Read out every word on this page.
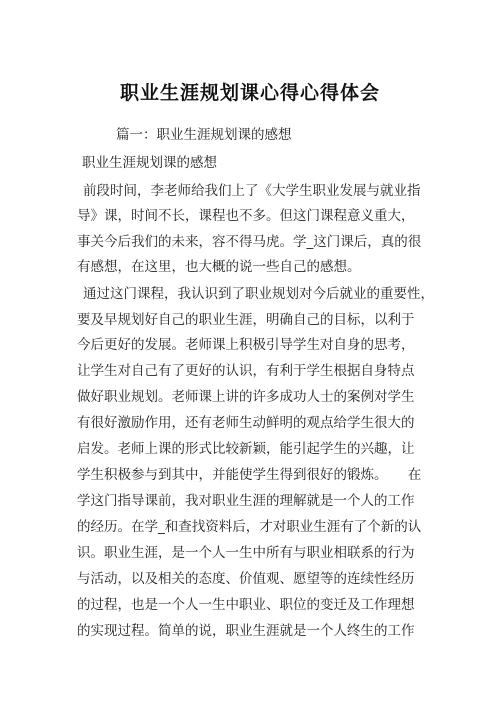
职业生涯规划课心得心得体会
篇一：职业生涯规划课的感想
职业生涯规划课的感想
前段时间，李老师给我们上了《大学生职业发展与就业指
导》课，时间不长，课程也不多。但这门课程意义重大，
事关今后我们的未来，容不得马虎。学_这门课后，真的很
有感想，在这里，也大概的说一些自己的感想。
通过这门课程，我认识到了职业规划对今后就业的重要性，
要及早规划好自己的职业生涯，明确自己的目标，以利于
今后更好的发展。老师课上积极引导学生对自身的思考，
让学生对自己有了更好的认识，有利于学生根据自身特点
做好职业规划。老师课上讲的许多成功人士的案例对学生
有很好激励作用，还有老师生动鲜明的观点给学生很大的
启发。老师上课的形式比较新颖，能引起学生的兴趣，让
学生积极参与到其中，并能使学生得到很好的锻炼。　　在
学这门指导课前，我对职业生涯的理解就是一个人的工作
的经历。在学_和查找资料后，才对职业生涯有了个新的认
识。职业生涯，是一个人一生中所有与职业相联系的行为
与活动，以及相关的态度、价值观、愿望等的连续性经历
的过程，也是一个人一生中职业、职位的变迁及工作理想
的实现过程。简单的说，职业生涯就是一个人终生的工作
